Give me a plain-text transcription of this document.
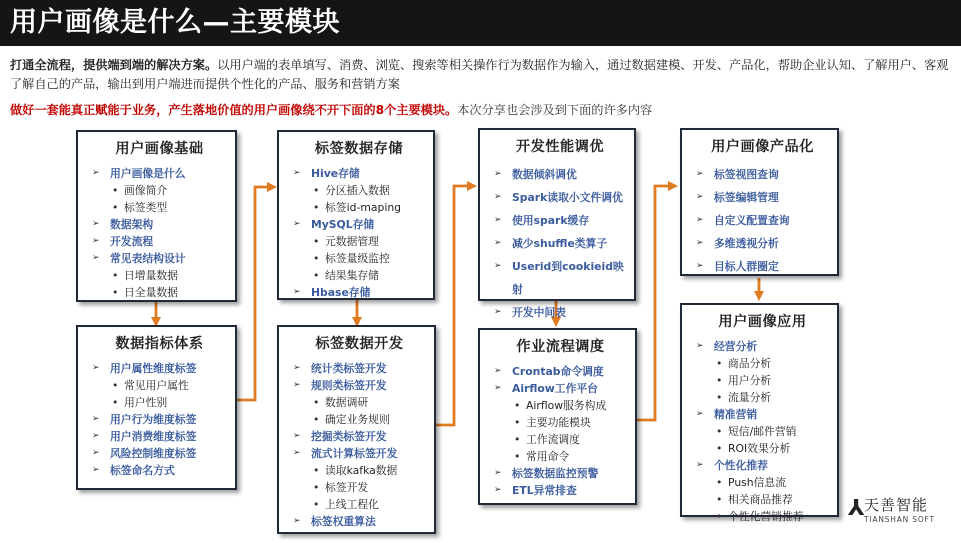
用户画像是什么—主要模块
打通全流程，提供端到端的解决方案。以用户端的表单填写、消费、浏览、搜索等相关操作行为数据作为输入，通过数据建模、开发、产品化，帮助企业认知、了解用户、客观了解自己的产品，输出到用户端进而提供个性化的产品、服务和营销方案
做好一套能真正赋能于业务，产生落地价值的用户画像绕不开下面的8个主要模块。本次分享也会涉及到下面的许多内容
用户画像基础
➢ 用户画像是什么
• 画像简介
• 标签类型
➢ 数据架构
➢ 开发流程
➢ 常见表结构设计
• 日增量数据
• 日全量数据
数据指标体系
➢ 用户属性维度标签
• 常见用户属性
• 用户性别
➢ 用户行为维度标签
➢ 用户消费维度标签
➢ 风险控制维度标签
➢ 标签命名方式
标签数据存储
➢ Hive存储
• 分区插入数据
• 标签id-maping
➢ MySQL存储
• 元数据管理
• 标签量级监控
• 结果集存储
➢ Hbase存储
标签数据开发
➢ 统计类标签开发
➢ 规则类标签开发
• 数据调研
• 确定业务规则
➢ 挖掘类标签开发
➢ 流式计算标签开发
• 读取kafka数据
• 标签开发
• 上线工程化
➢ 标签权重算法
开发性能调优
➢ 数据倾斜调优
➢ Spark读取小文件调优
➢ 使用spark缓存
➢ 减少shuffle类算子
➢ Userid到cookieid映射
➢ 开发中间表
作业流程调度
➢ Crontab命令调度
➢ Airflow工作平台
• Airflow服务构成
• 主要功能模块
• 工作流调度
• 常用命令
➢ 标签数据监控预警
➢ ETL异常排查
用户画像产品化
➢ 标签视图查询
➢ 标签编辑管理
➢ 自定义配置查询
➢ 多维透视分析
➢ 目标人群圈定
用户画像应用
➢ 经营分析
• 商品分析
• 用户分析
• 流量分析
➢ 精准营销
• 短信/邮件营销
• ROI效果分析
➢ 个性化推荐
• Push信息流
• 相关商品推荐
• 个性化营销推荐	⅄ 天善智能
TIANSHAN SOFT
